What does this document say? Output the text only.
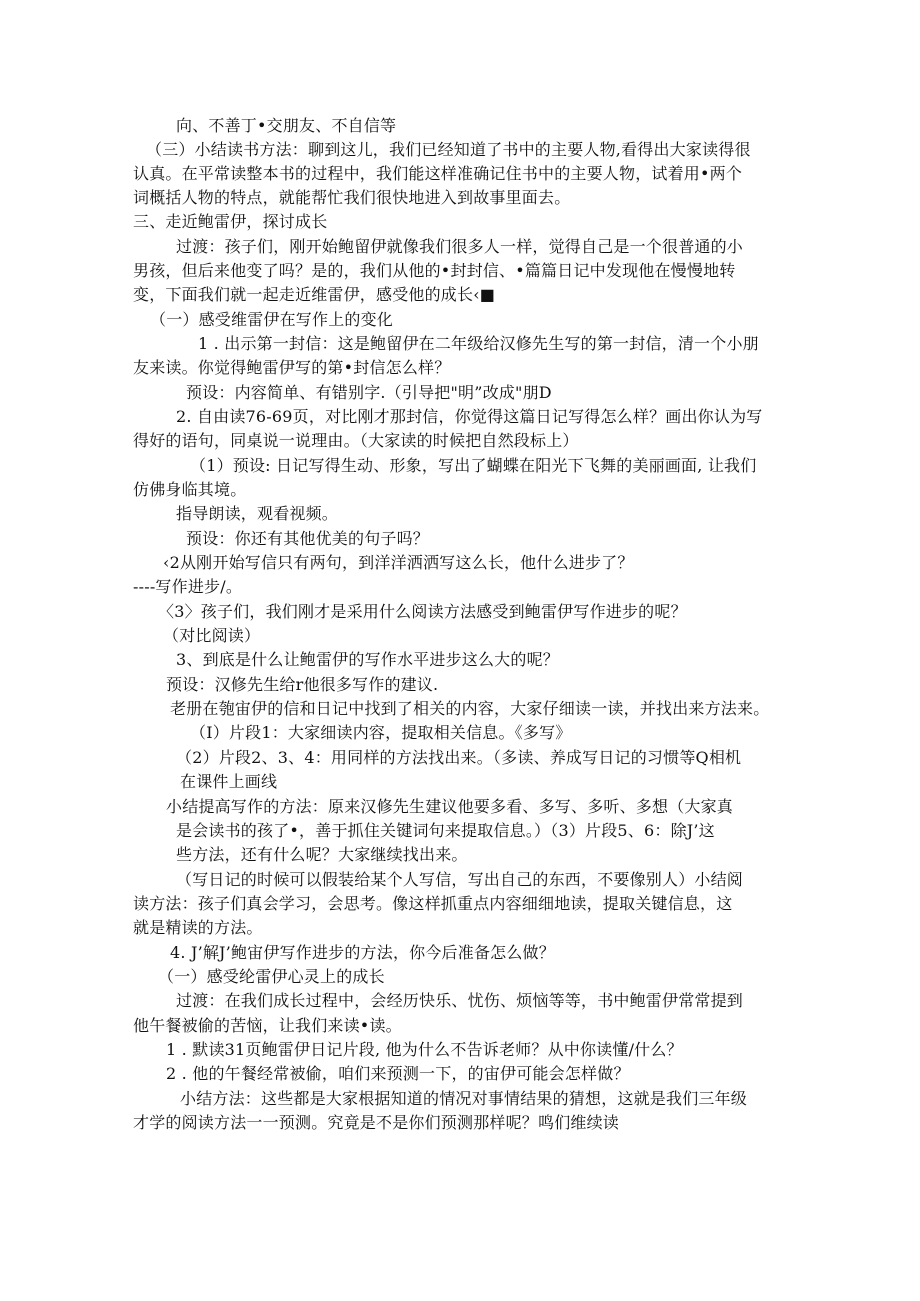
向、不善丁•交朋友、不自信等
（三）小结读书方法：聊到这儿，我们已经知道了书中的主要人物,看得出大家读得很
认真。在平常读整本书的过程中，我们能这样准确记住书中的主要人物，试着用•两个
词概括人物的特点，就能帮忙我们很快地进入到故事里面去。
三、走近鲍雷伊，探讨成长
过渡：孩子们，刚开始鲍留伊就像我们很多人一样，觉得自己是一个很普通的小
男孩，但后来他变了吗？是的，我们从他的•封封信、•篇篇日记中发现他在慢慢地转
变，下面我们就一起走近维雷伊，感受他的成长‹■
（一）感受维雷伊在写作上的变化
1 . 出示第一封信：这是鲍留伊在二年级给汉修先生写的第一封信，清一个小朋
友来读。你觉得鲍雷伊写的第•封信怎么样？
预设：内容简单、有错别字.（引导把"明”改成"朋D
2. 自由读76-69页，对比刚才那封信，你觉得这篇日记写得怎么样？画出你认为写
得好的语句，同桌说一说理由。（大家读的时候把自然段标上）
（1）预设: 日记写得生动、形象，写出了蝴蝶在阳光下飞舞的美丽画面, 让我们
仿佛身临其境。
指导朗读，观看视频。
预设：你还有其他优美的句子吗？
‹2从刚开始写信只有两句，到洋洋洒洒写这么长，他什么进步了？
----写作进步/。
〈3〉孩子们，我们刚才是采用什么阅读方法感受到鲍雷伊写作进步的呢？
（对比阅读）
3、到底是什么让鲍雷伊的写作水平进步这么大的呢？
预设：汉修先生给r他很多写作的建议.
老册在匏宙伊的信和日记中找到了相关的内容，大家仔细读一读，并找出来方法来。
（I）片段1：大家细读内容，提取相关信息。《多写》
（2）片段2、3、4：用同样的方法找出来。（多读、养成写日记的习惯等Q相机
在课件上画线
小结提高写作的方法：原来汉修先生建议他要多看、多写、多听、多想（大家真
是会读书的孩了•，善于抓住关键词句来提取信息。）（3）片段5、6：除J’这
些方法，还有什么呢？大家继续找出来。
（写日记的时候可以假装给某个人写信，写出自己的东西，不要像别人）小结阅
读方法：孩子们真会学习，会思考。像这样抓重点内容细细地读，提取关键信息，这
就是精读的方法。
4. J’解J’鲍宙伊写作进步的方法，你今后准备怎么做？
（一）感受纶雷伊心灵上的成长
过渡：在我们成长过程中，会经历快乐、忧伤、烦恼等等，书中鲍雷伊常常提到
他午餐被偷的苦恼，让我们来读•读。
1 . 默读31页鲍雷伊日记片段, 他为什么不告诉老师？从中你读懂/什么？
2 . 他的午餐经常被偷，咱们来预测一下，的宙伊可能会怎样做？
小结方法：这些都是大家根据知道的情况对事情结果的猜想，这就是我们三年级
才学的阅读方法一一预测。究竟是不是你们预测那样呢？鸣们维续读
